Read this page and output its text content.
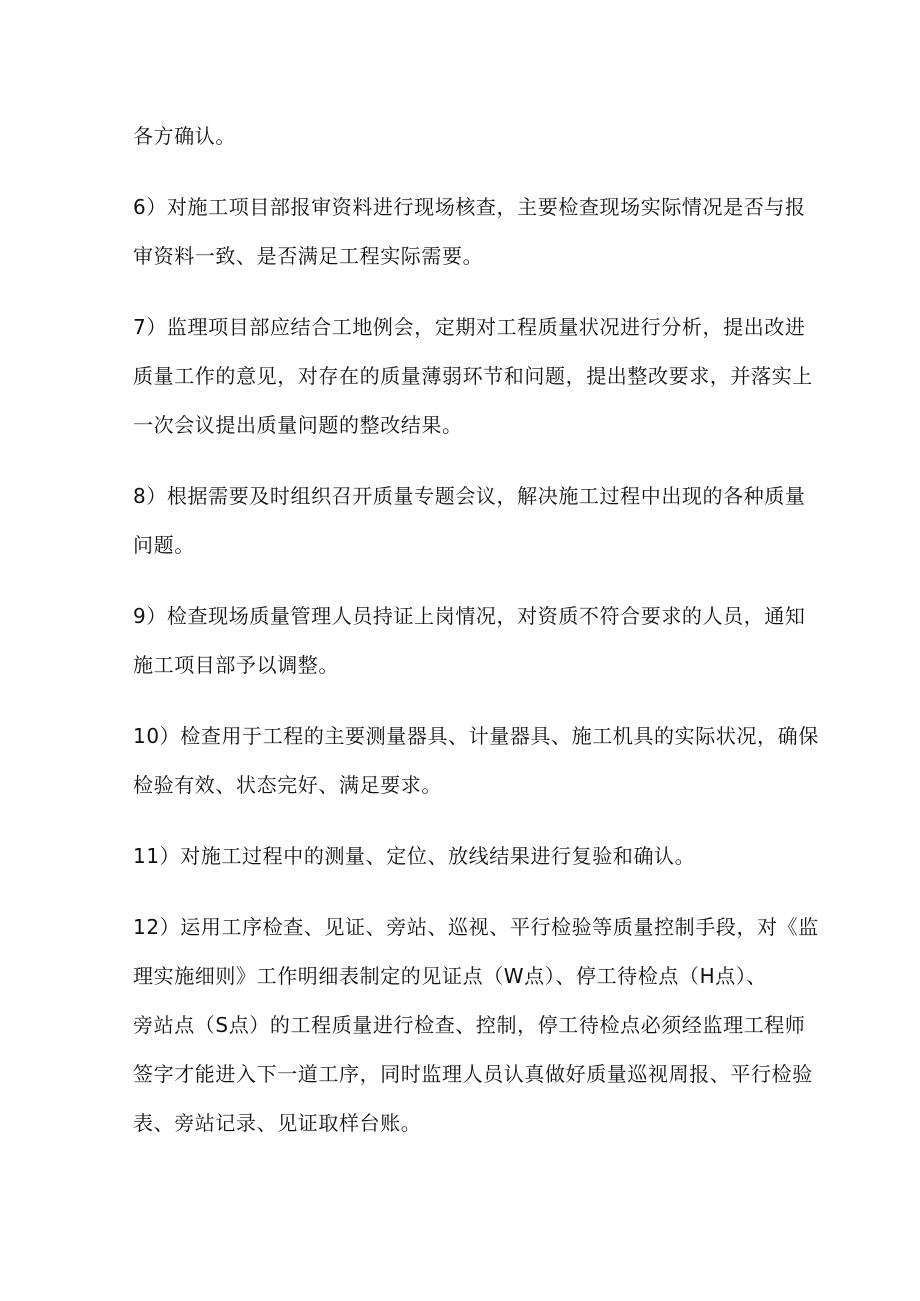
各方确认。
6）对施工项目部报审资料进行现场核查，主要检查现场实际情况是否与报
审资料一致、是否满足工程实际需要。
7）监理项目部应结合工地例会，定期对工程质量状况进行分析，提出改进
质量工作的意见，对存在的质量薄弱环节和问题，提出整改要求，并落实上
一次会议提出质量问题的整改结果。
8）根据需要及时组织召开质量专题会议，解决施工过程中出现的各种质量
问题。
9）检查现场质量管理人员持证上岗情况，对资质不符合要求的人员，通知
施工项目部予以调整。
10）检查用于工程的主要测量器具、计量器具、施工机具的实际状况，确保
检验有效、状态完好、满足要求。
11）对施工过程中的测量、定位、放线结果进行复验和确认。
12）运用工序检查、见证、旁站、巡视、平行检验等质量控制手段，对《监
理实施细则》工作明细表制定的见证点（W点）、停工待检点（H点）、
旁站点（S点）的工程质量进行检查、控制，停工待检点必须经监理工程师
签字才能进入下一道工序，同时监理人员认真做好质量巡视周报、平行检验
表、旁站记录、见证取样台账。
